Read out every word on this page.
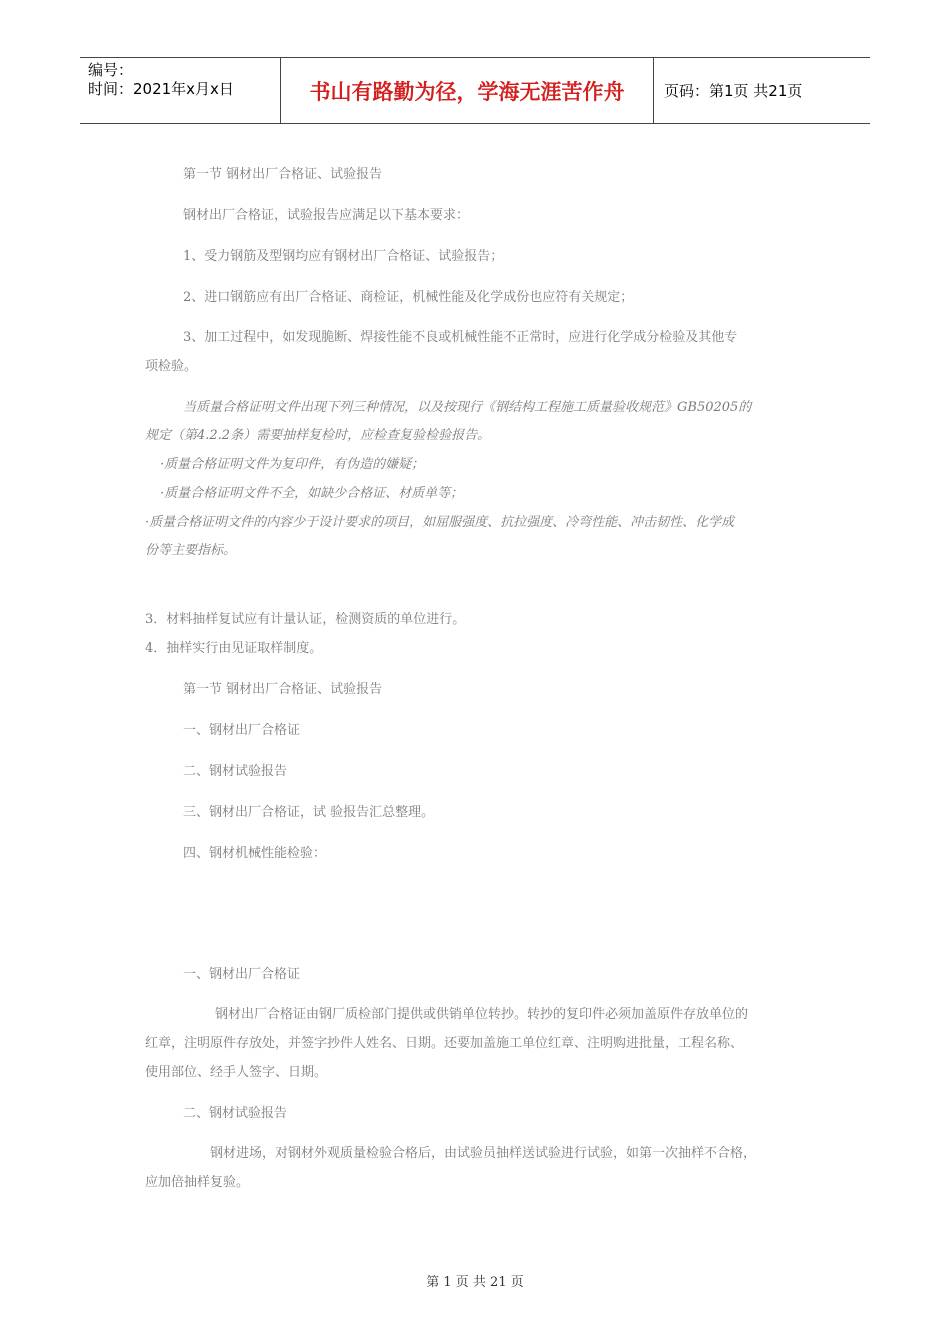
编号：
时间：2021年x月x日	书山有路勤为径，学海无涯苦作舟	页码：第1页 共21页
第一节 钢材出厂合格证、试验报告
钢材出厂合格证，试验报告应满足以下基本要求：
1、受力钢筋及型钢均应有钢材出厂合格证、试验报告；
2、进口钢筋应有出厂合格证、商检证，机械性能及化学成份也应符有关规定；
3、加工过程中，如发现脆断、焊接性能不良或机械性能不正常时，应进行化学成分检验及其他专
项检验。
当质量合格证明文件出现下列三种情况，以及按现行《钢结构工程施工质量验收规范》GB50205的
规定（第4.2.2条）需要抽样复检时，应检查复验检验报告。
·质量合格证明文件为复印件，有伪造的嫌疑；
·质量合格证明文件不全，如缺少合格证、材质单等；
·质量合格证明文件的内容少于设计要求的项目，如屈服强度、抗拉强度、冷弯性能、冲击韧性、化学成
份等主要指标。
3．材料抽样复试应有计量认证，检测资质的单位进行。
4．抽样实行由见证取样制度。
第一节 钢材出厂合格证、试验报告
一、钢材出厂合格证
二、钢材试验报告
三、钢材出厂合格证，试 验报告汇总整理。
四、钢材机械性能检验：
一、钢材出厂合格证
钢材出厂合格证由钢厂质检部门提供或供销单位转抄。转抄的复印件必须加盖原件存放单位的
红章，注明原件存放处，并签字抄件人姓名、日期。还要加盖施工单位红章、注明购进批量，工程名称、
使用部位、经手人签字、日期。
二、钢材试验报告
钢材进场，对钢材外观质量检验合格后，由试验员抽样送试验进行试验，如第一次抽样不合格，
应加倍抽样复验。
第 1 页 共 21 页
